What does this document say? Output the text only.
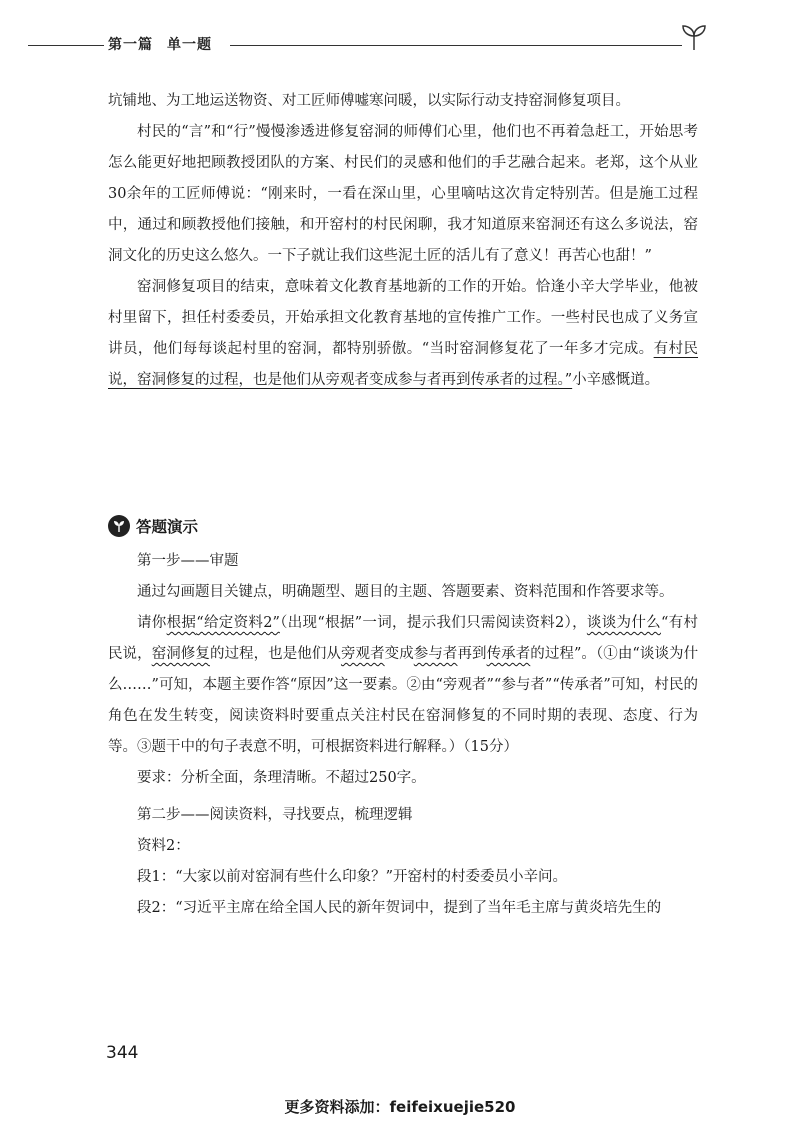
第一篇 单一题

坑铺地、为工地运送物资、对工匠师傅嘘寒问暖，以实际行动支持窑洞修复项目。

村民的“言”和“行”慢慢渗透进修复窑洞的师傅们心里，他们也不再着急赶工，开始思考怎么能更好地把顾教授团队的方案、村民们的灵感和他们的手艺融合起来。老郑，这个从业30余年的工匠师傅说：“刚来时，一看在深山里，心里嘀咕这次肯定特别苦。但是施工过程中，通过和顾教授他们接触，和开窑村的村民闲聊，我才知道原来窑洞还有这么多说法，窑洞文化的历史这么悠久。一下子就让我们这些泥土匠的活儿有了意义！再苦心也甜！”

窑洞修复项目的结束，意味着文化教育基地新的工作的开始。恰逢小辛大学毕业，他被村里留下，担任村委委员，开始承担文化教育基地的宣传推广工作。一些村民也成了义务宣讲员，他们每每谈起村里的窑洞，都特别骄傲。“当时窑洞修复花了一年多才完成。有村民说，窑洞修复的过程，也是他们从旁观者变成参与者再到传承者的过程。”小辛感慨道。

答题演示

第一步——审题

通过勾画题目关键点，明确题型、题目的主题、答题要素、资料范围和作答要求等。

请你根据“给定资料2”（出现“根据”一词，提示我们只需阅读资料2），谈谈为什么“有村民说，窑洞修复的过程，也是他们从旁观者变成参与者再到传承者的过程”。（①由“谈谈为什么……”可知，本题主要作答“原因”这一要素。②由“旁观者”“参与者”“传承者”可知，村民的角色在发生转变，阅读资料时要重点关注村民在窑洞修复的不同时期的表现、态度、行为等。③题干中的句子表意不明，可根据资料进行解释。）（15分）

要求：分析全面，条理清晰。不超过250字。

第二步——阅读资料，寻找要点，梳理逻辑

资料2：

段1：“大家以前对窑洞有些什么印象？”开窑村的村委委员小辛问。

段2：“习近平主席在给全国人民的新年贺词中，提到了当年毛主席与黄炎培先生的

344
更多资料添加：feifeixuejie520
